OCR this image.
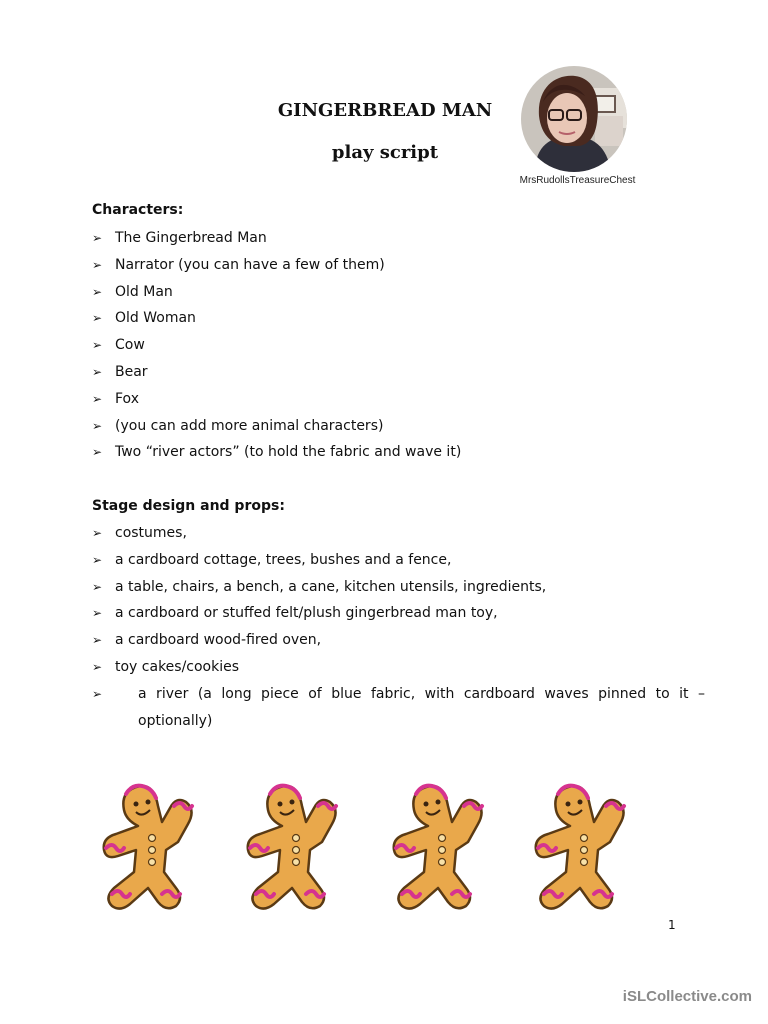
GINGERBREAD MAN
play script
MrsRudollsTreasureChest
Characters:
➢ The Gingerbread Man
➢ Narrator (you can have a few of them)
➢ Old Man
➢ Old Woman
➢ Cow
➢ Bear
➢ Fox
➢ (you can add more animal characters)
➢ Two “river actors” (to hold the fabric and wave it)
Stage design and props:
➢ costumes,
➢ a cardboard cottage, trees, bushes and a fence,
➢ a table, chairs, a bench, a cane, kitchen utensils, ingredients,
➢ a cardboard or stuffed felt/plush gingerbread man toy,
➢ a cardboard wood-fired oven,
➢ toy cakes/cookies
➢	a river (a long piece of blue fabric, with cardboard waves pinned to it – optionally)
1
iSLCollective.com
